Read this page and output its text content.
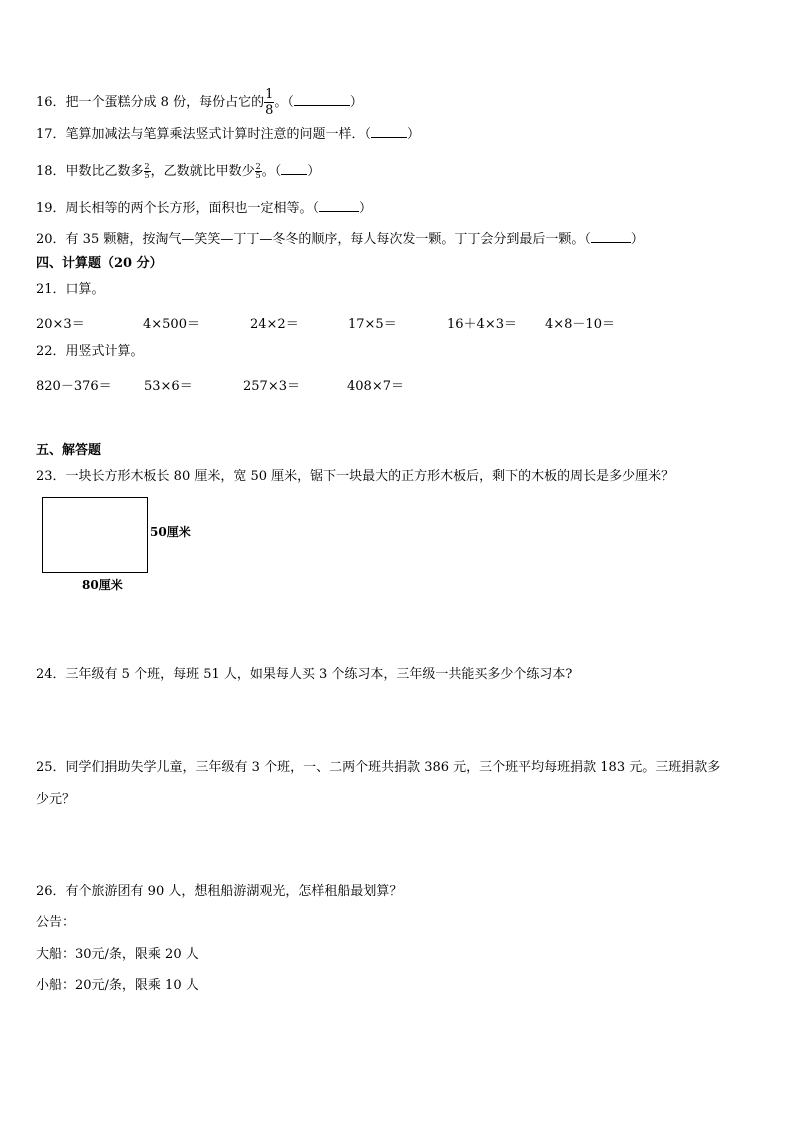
16．把一个蛋糕分成 8 份，每份占它的 $\frac{1}{8}$ 。（	）
17．笔算加减法与笔算乘法竖式计算时注意的问题一样．（	）
18．甲数比乙数多 $\frac{2}{5}$ ，乙数就比甲数少 $\frac{2}{5}$ 。（ ）
19．周长相等的两个长方形，面积也一定相等。（	）
20．有 35 颗糖，按淘气—笑笑—丁丁—冬冬的顺序，每人每次发一颗。丁丁会分到最后一颗。（	）
四、计算题（20 分）
21．口算。
20×3＝	4×500＝	24×2＝	17×5＝	16＋4×3＝ 4×8－10＝
22．用竖式计算。
820－376＝ 53×6＝	257×3＝	408×7＝
五、解答题
23．一块长方形木板长 80 厘米，宽 50 厘米，锯下一块最大的正方形木板后，剩下的木板的周长是多少厘米？
50厘米
80厘米
24．三年级有 5 个班，每班 51 人，如果每人买 3 个练习本，三年级一共能买多少个练习本?
25．同学们捐助失学儿童，三年级有 3 个班，一、二两个班共捐款 386 元，三个班平均每班捐款 183 元。三班捐款多
少元？
26．有个旅游团有 90 人，想租船游湖观光，怎样租船最划算？
公告：
大船：30元/条，限乘 20 人
小船：20元/条，限乘 10 人
